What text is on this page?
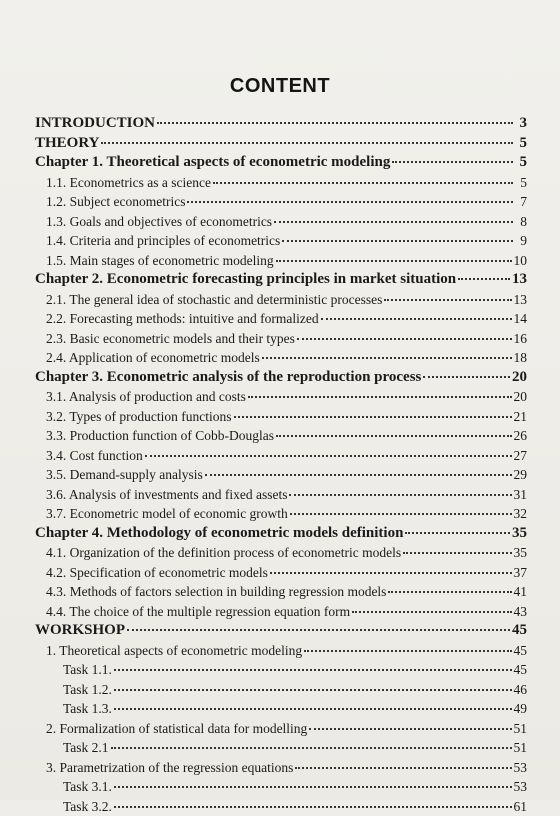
CONTENT
INTRODUCTION	3
THEORY	5
Chapter 1. Theoretical aspects of econometric modeling	5
1.1. Econometrics as a science	5
1.2. Subject econometrics	7
1.3. Goals and objectives of econometrics	8
1.4. Criteria and principles of econometrics	9
1.5. Main stages of econometric modeling	10
Chapter 2. Econometric forecasting principles in market situation	13
2.1. The general idea of stochastic and deterministic processes	13
2.2. Forecasting methods: intuitive and formalized	14
2.3. Basic econometric models and their types	16
2.4. Application of econometric models	18
Chapter 3. Econometric analysis of the reproduction process	20
3.1. Analysis of production and costs	20
3.2. Types of production functions	21
3.3. Production function of Cobb-Douglas	26
3.4. Cost function	27
3.5. Demand-supply analysis	29
3.6. Analysis of investments and fixed assets	31
3.7. Econometric model of economic growth	32
Chapter 4. Methodology of econometric models definition	35
4.1. Organization of the definition process of econometric models	35
4.2. Specification of econometric models	37
4.3. Methods of factors selection in building regression models	41
4.4. The choice of the multiple regression equation form	43
WORKSHOP	45
1. Theoretical aspects of econometric modeling	45
Task 1.1.	45
Task 1.2.	46
Task 1.3.	49
2. Formalization of statistical data for modelling	51
Task 2.1	51
3. Parametrization of the regression equations	53
Task 3.1.	53
Task 3.2.	61
